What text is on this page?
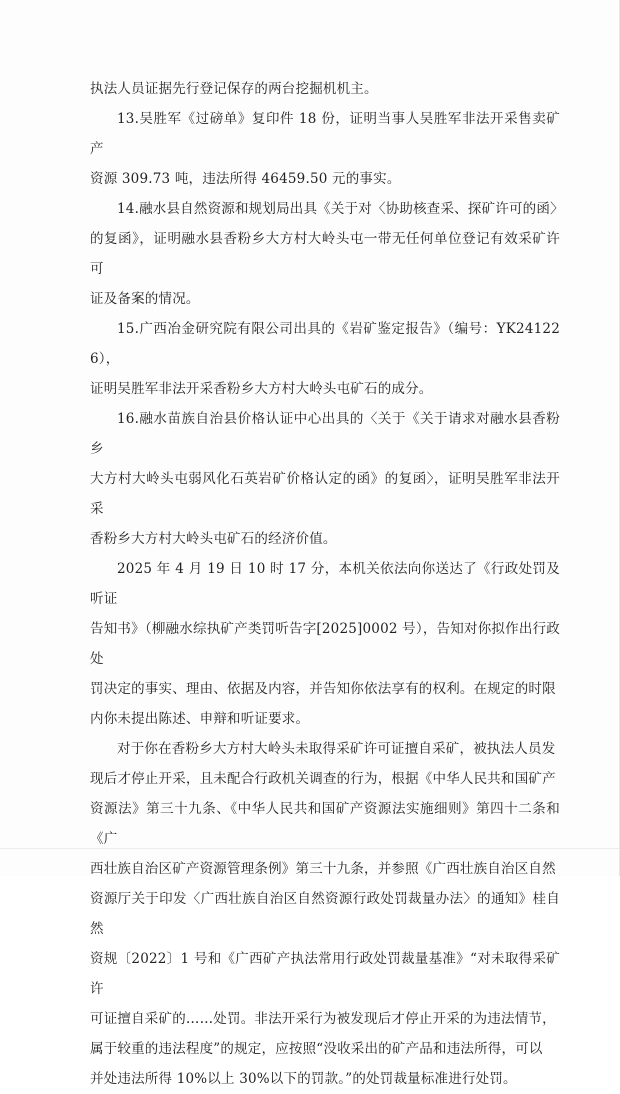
执法人员证据先行登记保存的两台挖掘机机主。

13.吴胜军《过磅单》复印件 18 份，证明当事人吴胜军非法开采售卖矿产
资源 309.73 吨，违法所得 46459.50 元的事实。

14.融水县自然资源和规划局出具《关于对〈协助核查采、探矿许可的函〉
的复函》，证明融水县香粉乡大方村大岭头屯一带无任何单位登记有效采矿许可
证及备案的情况。

15.广西冶金研究院有限公司出具的《岩矿鉴定报告》（编号：YK241226），
证明吴胜军非法开采香粉乡大方村大岭头屯矿石的成分。

16.融水苗族自治县价格认证中心出具的〈关于《关于请求对融水县香粉乡
大方村大岭头屯弱风化石英岩矿价格认定的函》的复函〉，证明吴胜军非法开采
香粉乡大方村大岭头屯矿石的经济价值。

2025 年 4 月 19 日 10 时 17 分，本机关依法向你送达了《行政处罚及听证
告知书》（柳融水综执矿产类罚听告字[2025]0002 号），告知对你拟作出行政处
罚决定的事实、理由、依据及内容，并告知你依法享有的权利。在规定的时限
内你未提出陈述、申辩和听证要求。

对于你在香粉乡大方村大岭头未取得采矿许可证擅自采矿，被执法人员发
现后才停止开采，且未配合行政机关调查的行为，根据《中华人民共和国矿产
资源法》第三十九条、《中华人民共和国矿产资源法实施细则》第四十二条和《广
西壮族自治区矿产资源管理条例》第三十九条，并参照《广西壮族自治区自然
资源厅关于印发〈广西壮族自治区自然资源行政处罚裁量办法〉的通知》桂自然
资规〔2022〕1 号和《广西矿产执法常用行政处罚裁量基准》“对未取得采矿许
可证擅自采矿的……处罚。非法开采行为被发现后才停止开采的为违法情节，
属于较重的违法程度”的规定，应按照“没收采出的矿产品和违法所得，可以
并处违法所得 10%以上 30%以下的罚款。”的处罚裁量标准进行处罚。
